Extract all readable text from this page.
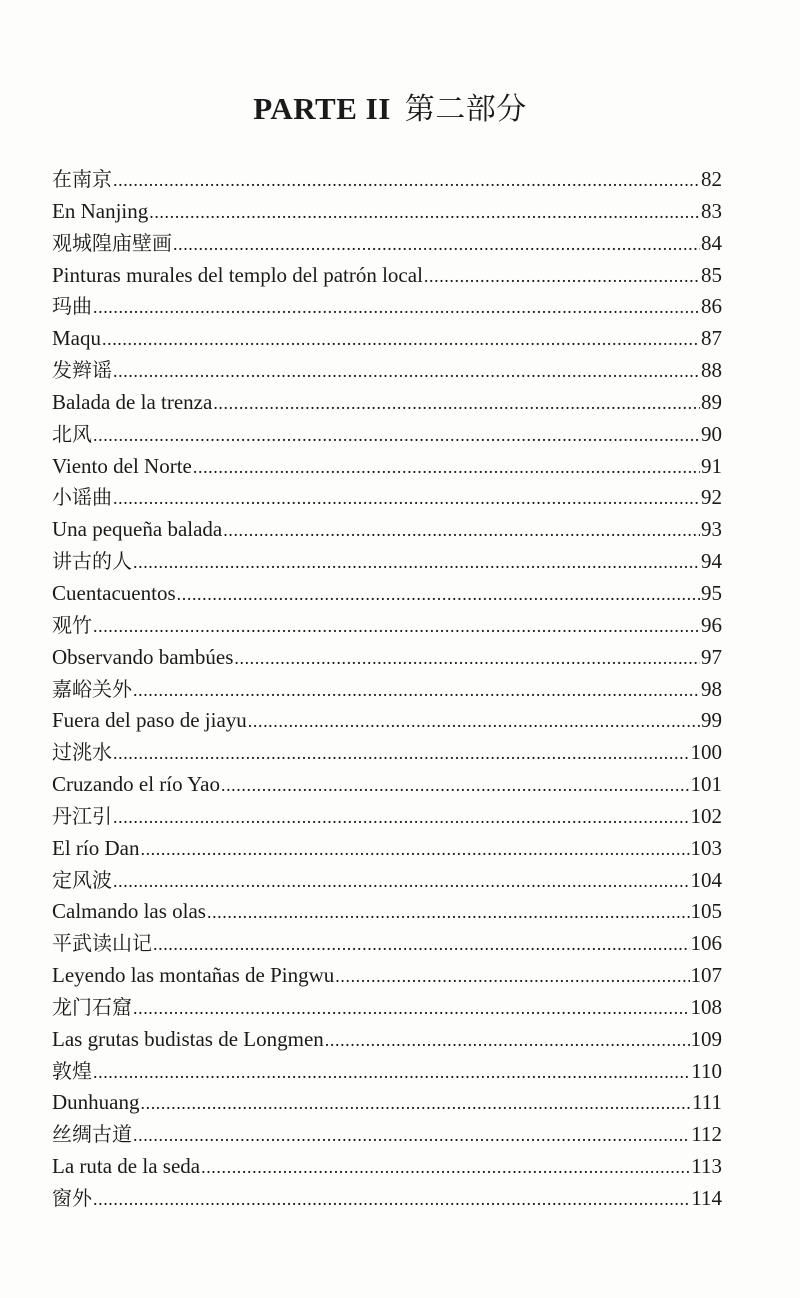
PARTE II 第二部分
在南京 .....	82
En Nanjing .....	83
观城隍庙壁画 .....	84
Pinturas murales del templo del patrón local .....	85
玛曲 .....	86
Maqu .....	87
发辫谣 .....	88
Balada de la trenza .....	89
北风 .....	90
Viento del Norte .....	91
小谣曲 .....	92
Una pequeña balada .....	93
讲古的人 .....	94
Cuentacuentos .....	95
观竹 .....	96
Observando bambúes .....	97
嘉峪关外 .....	98
Fuera del paso de jiayu .....	99
过洮水 .....	100
Cruzando el río Yao .....	101
丹江引 .....	102
El río Dan .....	103
定风波 .....	104
Calmando las olas .....	105
平武读山记 .....	106
Leyendo las montañas de Pingwu .....	107
龙门石窟 .....	108
Las grutas budistas de Longmen .....	109
敦煌 .....	110
Dunhuang .....	111
丝绸古道 .....	112
La ruta de la seda .....	113
窗外 .....	114
